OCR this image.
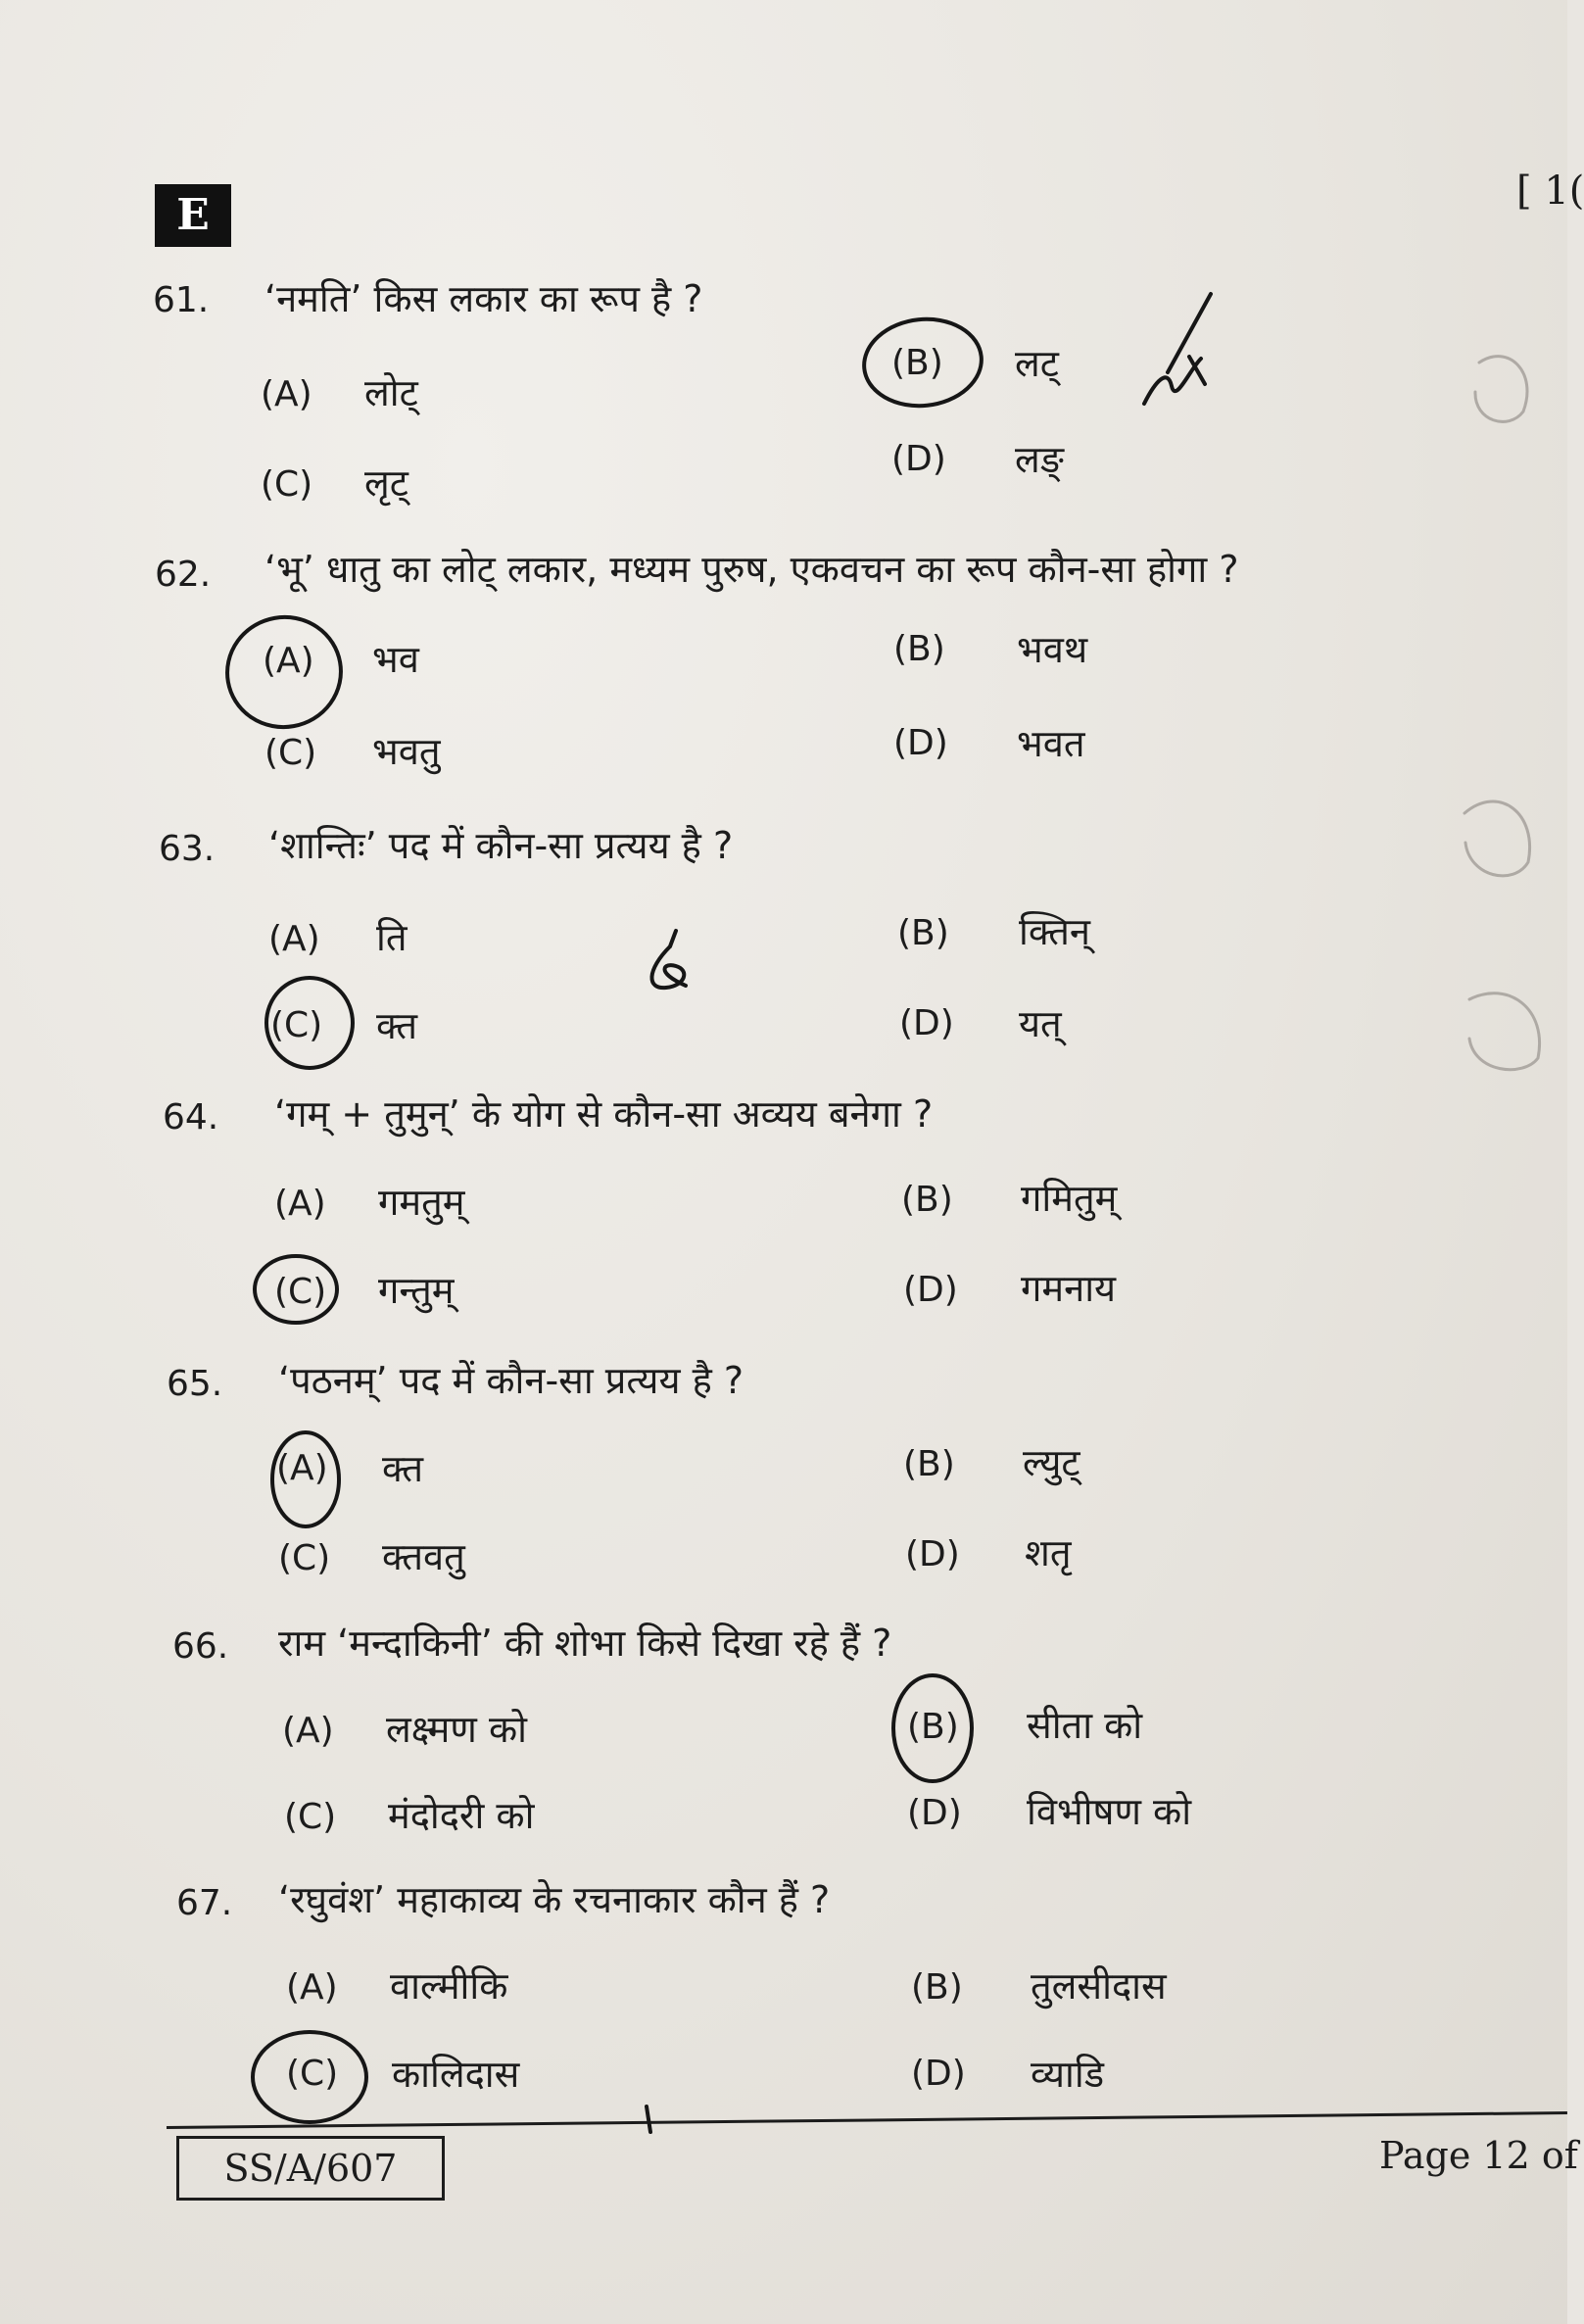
E	[ 1(
61. ‘नमति’ किस लकार का रूप है ?
(A) लोट्
(B) लट्
(C) लृट्
(D) लङ्
62. ‘भू’ धातु का लोट् लकार, मध्यम पुरुष, एकवचन का रूप कौन-सा होगा ?
(A) भव	(B) भवथ
(C) भवतु	(D) भवत
63. ‘शान्तिः’ पद में कौन-सा प्रत्यय है ?
(A) ति	(B) क्तिन्
(C) क्त	(D) यत्
64. ‘गम् + तुमुन्’ के योग से कौन-सा अव्यय बनेगा ?
(A) गमतुम्	(B) गमितुम्
(C) गन्तुम्	(D) गमनाय
65. ‘पठनम्’ पद में कौन-सा प्रत्यय है ?
(A) क्त	(B) ल्युट्
(C) क्तवतु	(D) शतृ
66. राम ‘मन्दाकिनी’ की शोभा किसे दिखा रहे हैं ?
(A) लक्ष्मण को	(B) सीता को
(C) मंदोदरी को	(D) विभीषण को
67. ‘रघुवंश’ महाकाव्य के रचनाकार कौन हैं ?
(A) वाल्मीकि	(B) तुलसीदास
(C) कालिदास	(D) व्याडि
SS/A/607	Page 12 of
